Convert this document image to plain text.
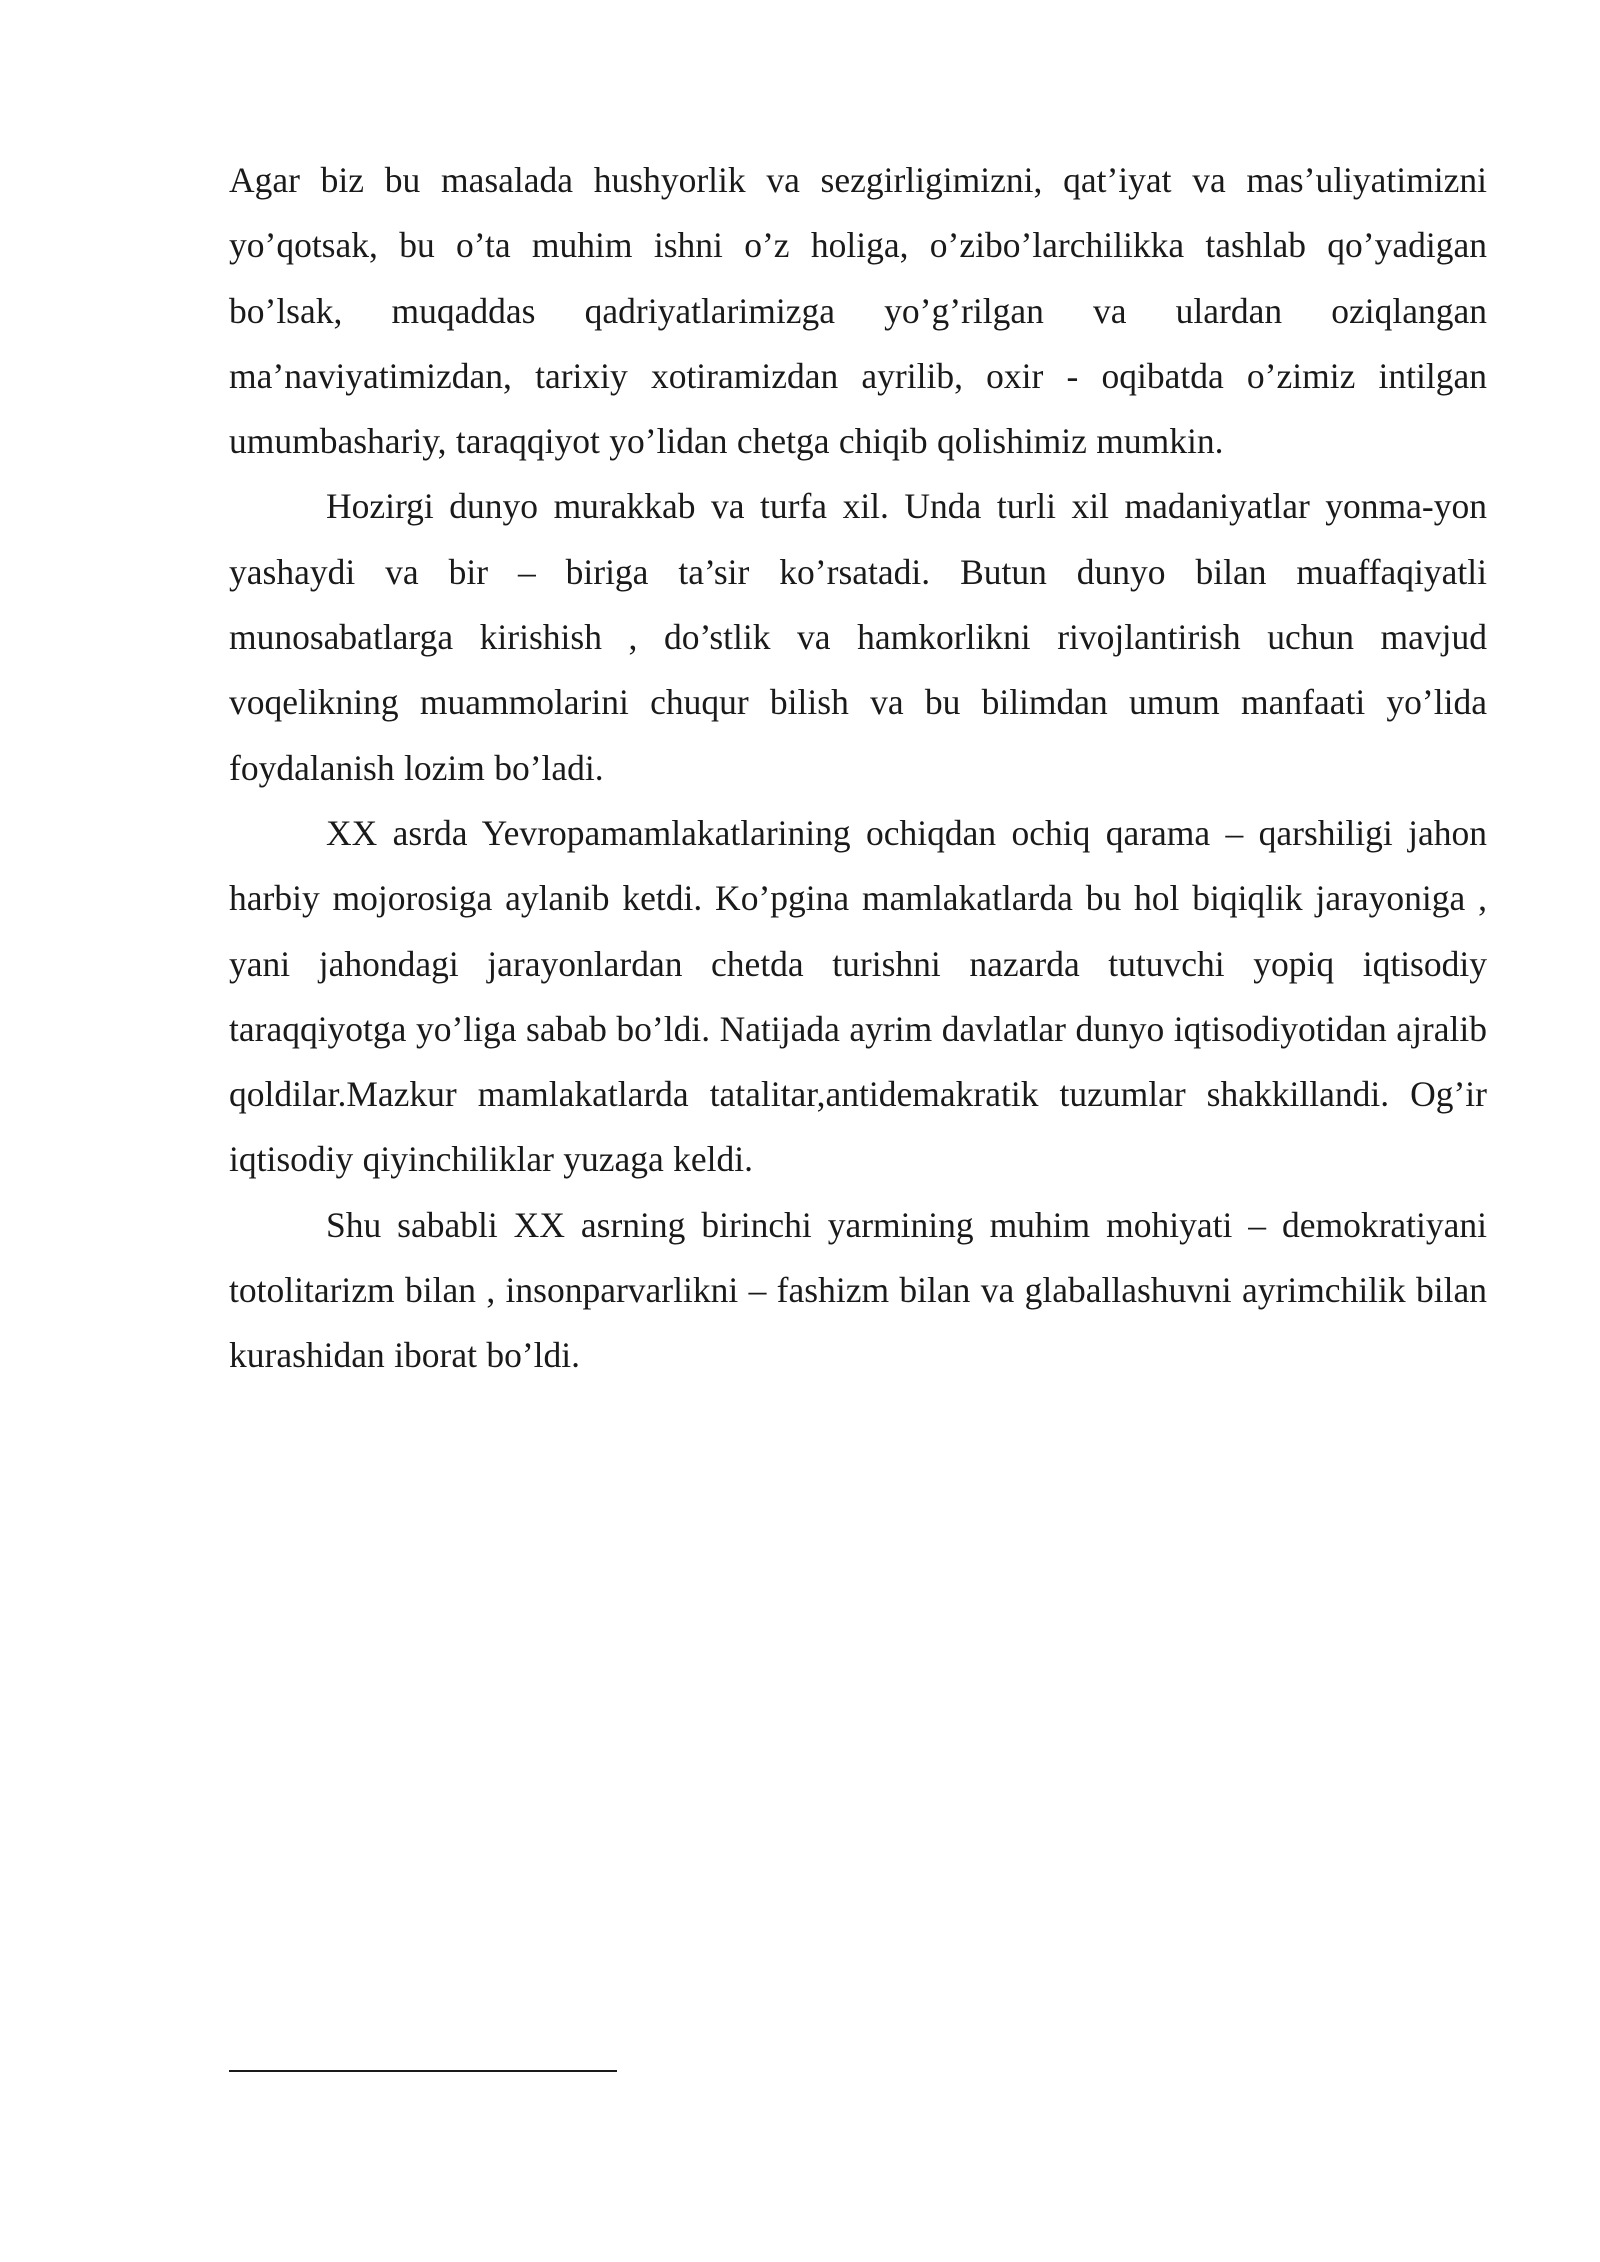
Agar biz bu masalada hushyorlik va sezgirligimizni, qat’iyat va mas’uliyatimizni yo’qotsak, bu o’ta muhim ishni o’z holiga, o’zibo’larchilikka tashlab qo’yadigan bo’lsak, muqaddas qadriyatlarimizga yo’g’rilgan va ulardan oziqlangan ma’naviyatimizdan, tarixiy xotiramizdan ayrilib, oxir - oqibatda o’zimiz intilgan umumbashariy, taraqqiyot yo’lidan chetga chiqib qolishimiz mumkin.

Hozirgi dunyo murakkab va turfa xil. Unda turli xil madaniyatlar yonma-yon yashaydi va bir – biriga ta’sir ko’rsatadi. Butun dunyo bilan muaffaqiyatli munosabatlarga kirishish , do’stlik va hamkorlikni rivojlantirish uchun mavjud voqelikning muammolarini chuqur bilish va bu bilimdan umum manfaati yo’lida foydalanish lozim bo’ladi.

XX asrda Yevropamamlakatlarining ochiqdan ochiq qarama – qarshiligi jahon harbiy mojorosiga aylanib ketdi. Ko’pgina mamlakatlarda bu hol biqiqlik jarayoniga , yani jahondagi jarayonlardan chetda turishni nazarda tutuvchi yopiq iqtisodiy taraqqiyotga yo’liga sabab bo’ldi. Natijada ayrim davlatlar dunyo iqtisodiyotidan ajralib qoldilar.Mazkur mamlakatlarda tatalitar,antidemakratik tuzumlar shakkillandi. Og’ir iqtisodiy qiyinchiliklar yuzaga keldi.

Shu sababli XX asrning birinchi yarmining muhim mohiyati – demokratiyani totolitarizm bilan , insonparvarlikni – fashizm bilan va glaballashuvni ayrimchilik bilan kurashidan iborat bo’ldi.
